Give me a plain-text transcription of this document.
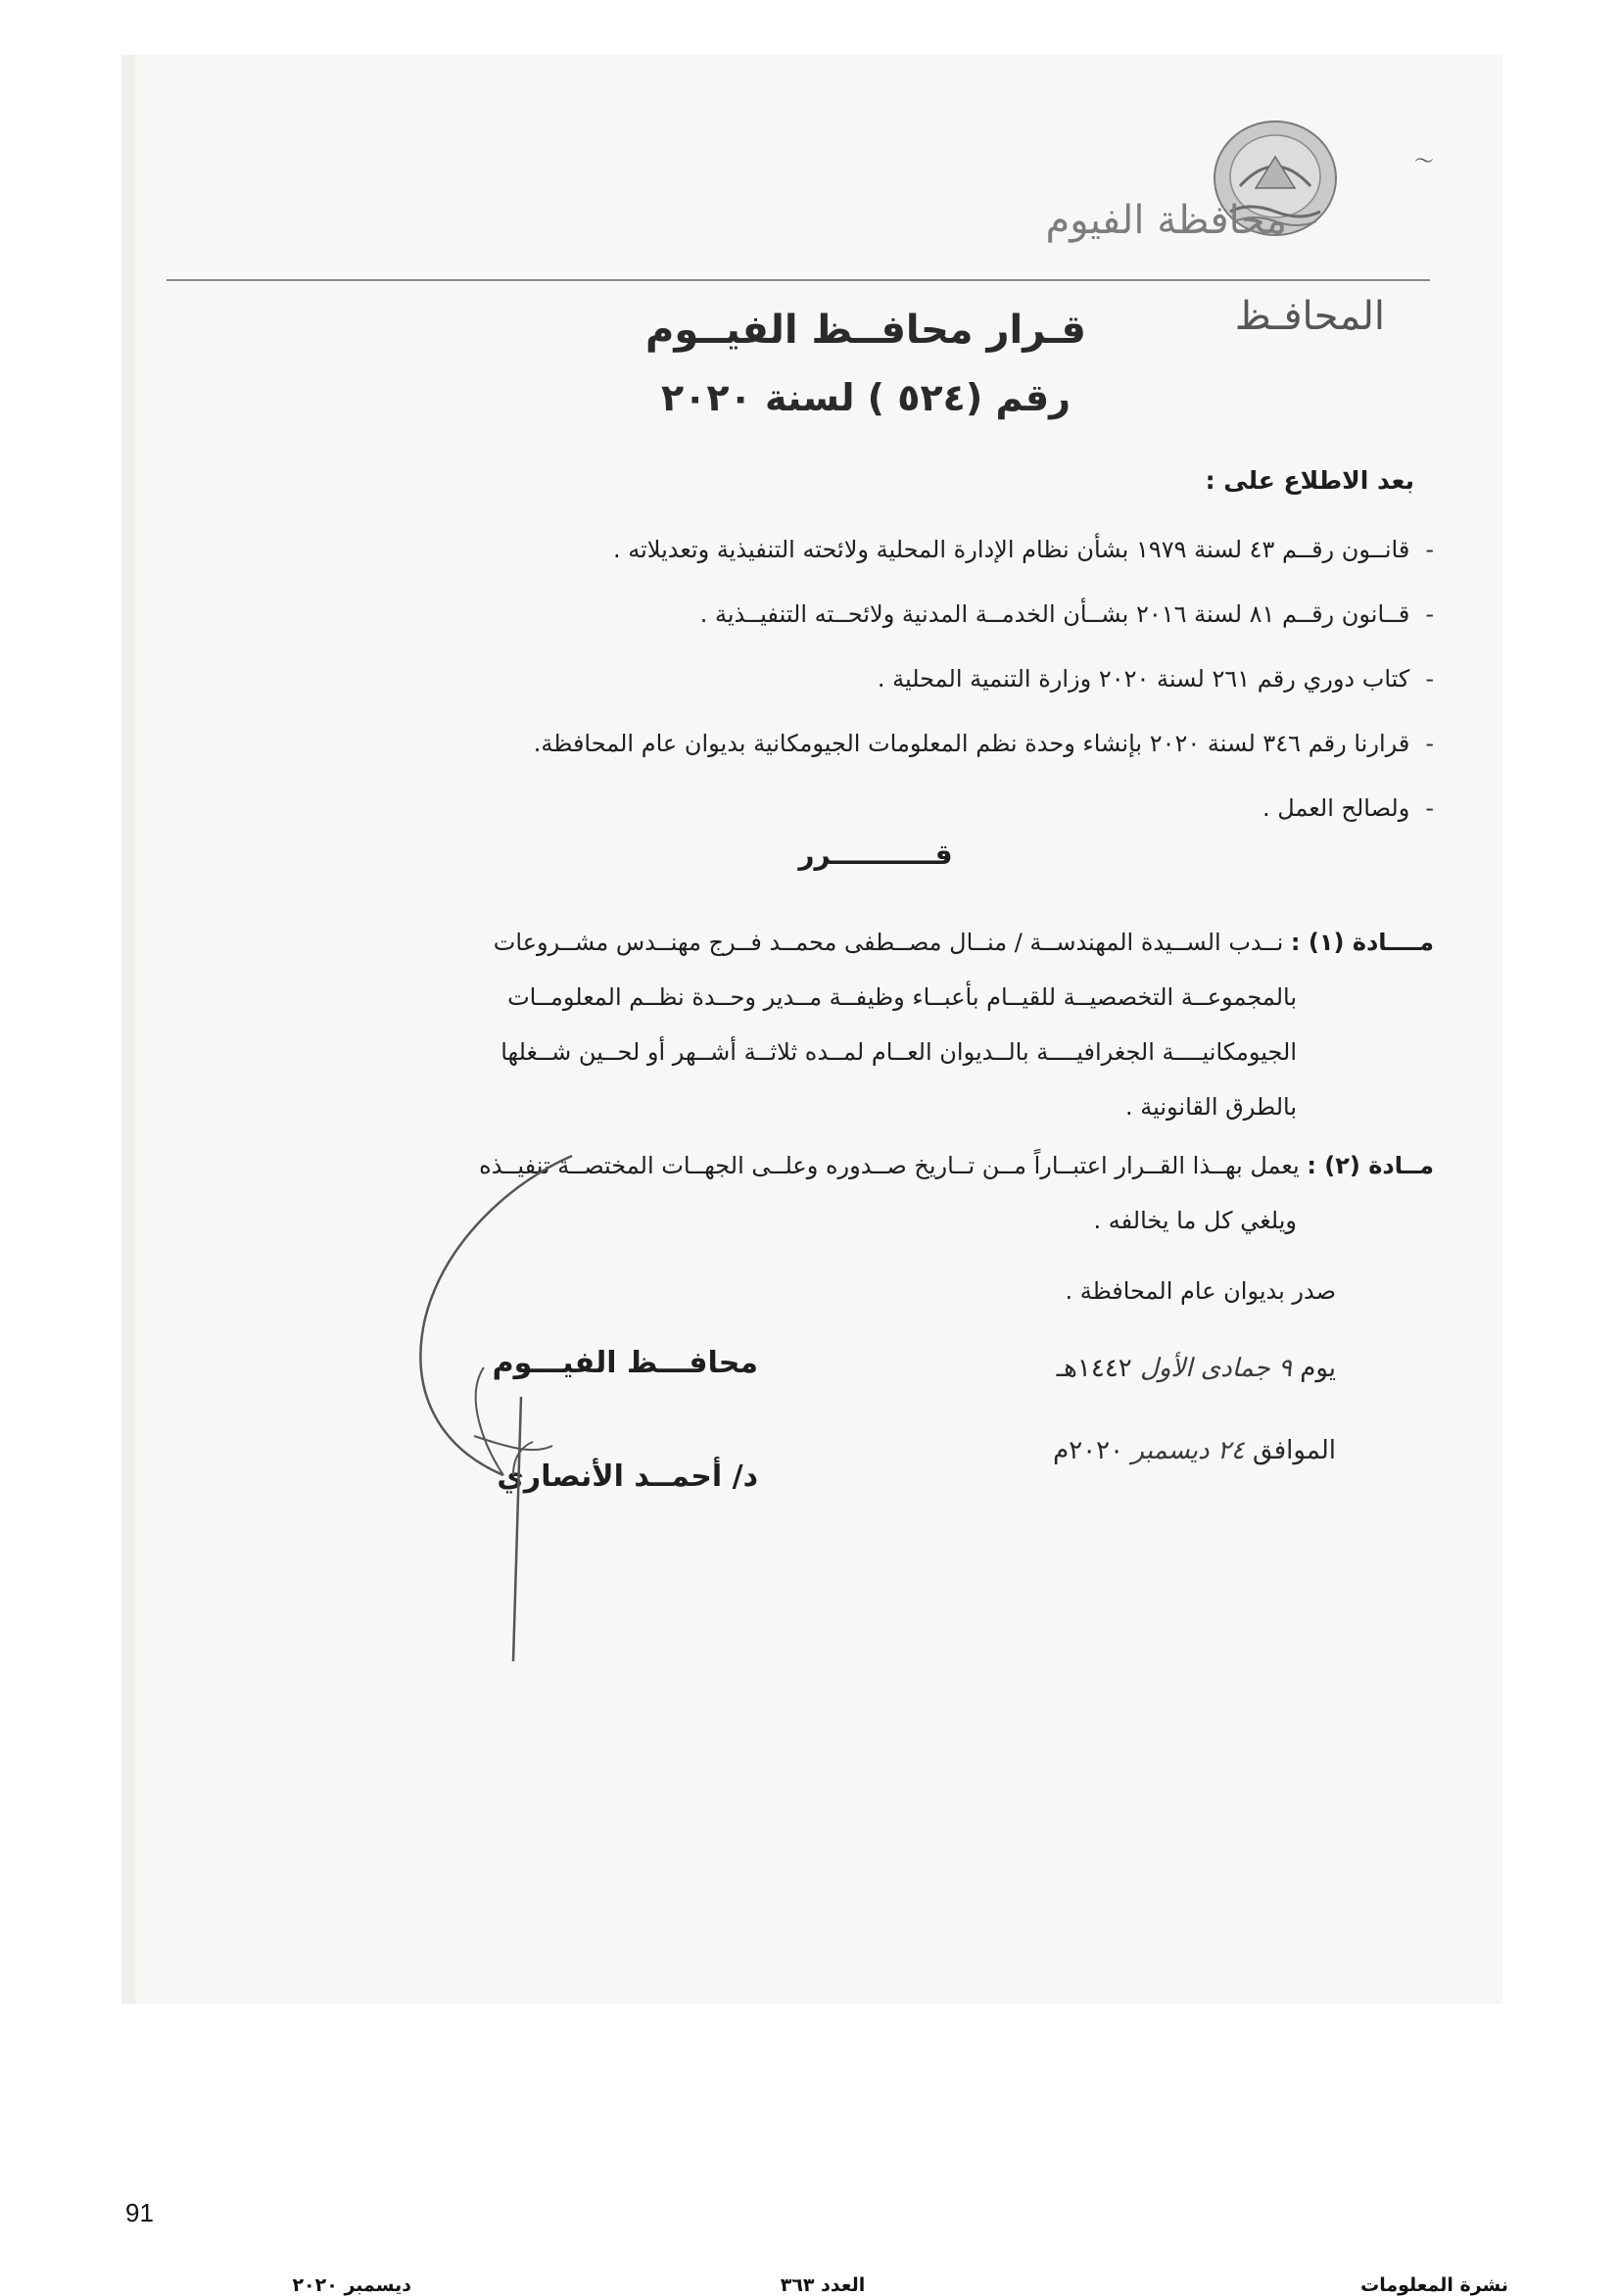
محافظة الفيوم
المحافـظ
قـرار محافــظ الفيــوم
رقم (٥٢٤ ) لسنة ٢٠٢٠
بعد الاطلاع على :
-قانــون رقــم ٤٣ لسنة ١٩٧٩ بشأن نظام الإدارة المحلية ولائحته التنفيذية وتعديلاته .
-قــانون رقــم ٨١ لسنة ٢٠١٦ بشــأن الخدمــة المدنية ولائحــته التنفيــذية .
-كتاب دوري رقم ٢٦١ لسنة ٢٠٢٠ وزارة التنمية المحلية .
-قرارنا رقم ٣٤٦ لسنة ٢٠٢٠ بإنشاء وحدة نظم المعلومات الجيومكانية بديوان عام المحافظة.
-ولصالح العمل .
قـــــــــــرر
مــــادة (١) : نــدب الســيدة المهندســة / منــال مصــطفى محمــد فــرج مهنــدس مشــروعات
بالمجموعــة التخصصيــة للقيــام بأعبــاء وظيفــة مــدير وحــدة نظــم المعلومــات
الجيومكانيــــة الجغرافيــــة بالــديوان العــام لمــده ثلاثــة أشــهر أو لحــين شــغلها
بالطرق القانونية .
مــادة (٢) : يعمل بهــذا القــرار اعتبــاراً مــن تــاريخ صــدوره وعلــى الجهــات المختصــة تنفيــذه
ويلغي كل ما يخالفه .
صدر بديوان عام المحافظة .
يوم ٩ جمادى الأول ١٤٤٢هـ
الموافق ٢٤ ديسمبر ٢٠٢٠م
محافـــظ الفيـــوم
د/ أحمــد الأنصاري
〜
91
نشرة المعلومات
العدد ٣٦٣
ديسمبر ٢٠٢٠
